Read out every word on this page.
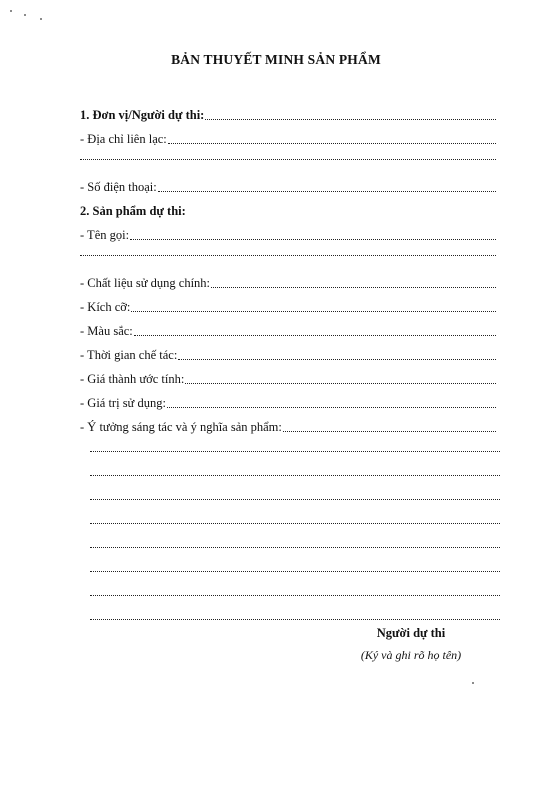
BẢN THUYẾT MINH SẢN PHẨM
1. Đơn vị/Người dự thi:
- Địa chỉ liên lạc:
- Số điện thoại:
2. Sản phẩm dự thi:
- Tên gọi:
- Chất liệu sử dụng chính:
- Kích cỡ:
- Màu sắc:
- Thời gian chế tác:
- Giá thành ước tính:
- Giá trị sử dụng:
- Ý tưởng sáng tác và ý nghĩa sản phẩm:
Người dự thi
(Ký và ghi rõ họ tên)
